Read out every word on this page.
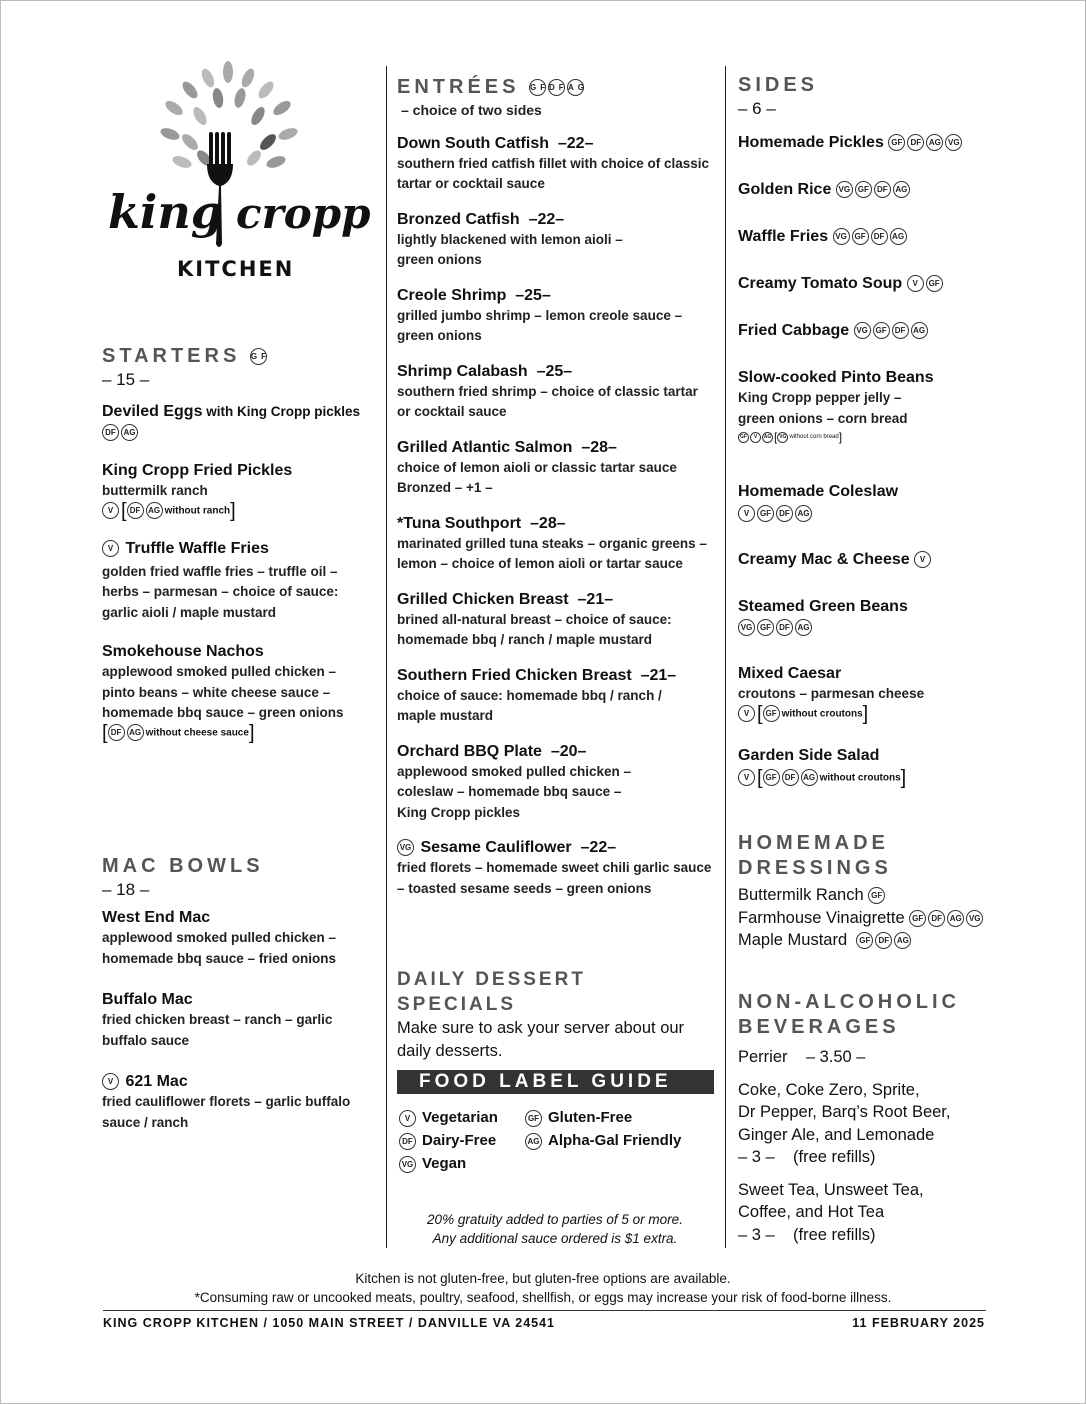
king cropp
KITCHEN

STARTERS GF

– 15 –

Deviled Eggs with King Cropp pickles

DF AG

King Cropp Fried Pickles

buttermilk ranch

V [ DF AG without ranch]

V Truffle Waffle Fries

golden fried waffle fries – truffle oil – herbs – parmesan – choice of sauce: garlic aioli / maple mustard

Smokehouse Nachos

applewood smoked pulled chicken – pinto beans – white cheese sauce – homemade bbq sauce – green onions

[ DF AG without cheese sauce]

MAC BOWLS

– 18 –

West End Mac

applewood smoked pulled chicken – homemade bbq sauce – fried onions

Buffalo Mac

fried chicken breast – ranch – garlic buffalo sauce

V 621 Mac

fried cauliflower florets – garlic buffalo sauce / ranch

ENTRÉES GFDFAG

– choice of two sides

Down South Catfish –22–

southern fried catfish fillet with choice of classic tartar or cocktail sauce

Bronzed Catfish –22–

lightly blackened with lemon aioli – green onions

Creole Shrimp –25–

grilled jumbo shrimp – lemon creole sauce – green onions

Shrimp Calabash –25–

southern fried shrimp – choice of classic tartar or cocktail sauce

Grilled Atlantic Salmon –28–

choice of lemon aioli or classic tartar sauce Bronzed – +1 –

*Tuna Southport –28–

marinated grilled tuna steaks – organic greens – lemon – choice of lemon aioli or tartar sauce

Grilled Chicken Breast –21–

brined all-natural breast – choice of sauce: homemade bbq / ranch / maple mustard

Southern Fried Chicken Breast –21–

choice of sauce: homemade bbq / ranch / maple mustard

Orchard BBQ Plate –20–

applewood smoked pulled chicken – coleslaw – homemade bbq sauce – King Cropp pickles

VG Sesame Cauliflower –22–

fried florets – homemade sweet chili garlic sauce – toasted sesame seeds – green onions

DAILY DESSERT SPECIALS

Make sure to ask your server about our daily desserts.

FOOD LABEL GUIDE
V Vegetarian	GF Gluten-Free
DF Dairy-Free	AG Alpha-Gal Friendly
VG Vegan
20% gratuity added to parties of 5 or more.
Any additional sauce ordered is $1 extra.

SIDES

– 6 –

Homemade Pickles GF DF AG VG
Golden Rice VG GF DF AG
Waffle Fries VG GF DF AG
Creamy Tomato Soup V GF
Fried Cabbage VG GF DF AG

Slow-cooked Pinto Beans

King Cropp pepper jelly – green onions – corn bread

GF V AG [ VG without corn bread]

Homemade Coleslaw

V GF DF AG
Creamy Mac & Cheese V

Steamed Green Beans

VG GF DF AG

Mixed Caesar

croutons – parmesan cheese

V [ GF without croutons]

Garden Side Salad

V [ GF DF AG without croutons]

HOMEMADE

DRESSINGS

Buttermilk Ranch GF

Farmhouse Vinaigrette GF DF AG VG

Maple Mustard GF DF AG

NON-ALCOHOLIC

BEVERAGES

Perrier    – 3.50 –

Coke, Coke Zero, Sprite,

Dr Pepper, Barq’s Root Beer,

Ginger Ale, and Lemonade

– 3 –    (free refills)

Sweet Tea, Unsweet Tea,

Coffee, and Hot Tea

– 3 –    (free refills)

Kitchen is not gluten-free, but gluten-free options are available.
*Consuming raw or uncooked meats, poultry, seafood, shellfish, or eggs may increase your risk of food-borne illness.
KING CROPP KITCHEN / 1050 MAIN STREET / DANVILLE VA 24541	11 FEBRUARY 2025
